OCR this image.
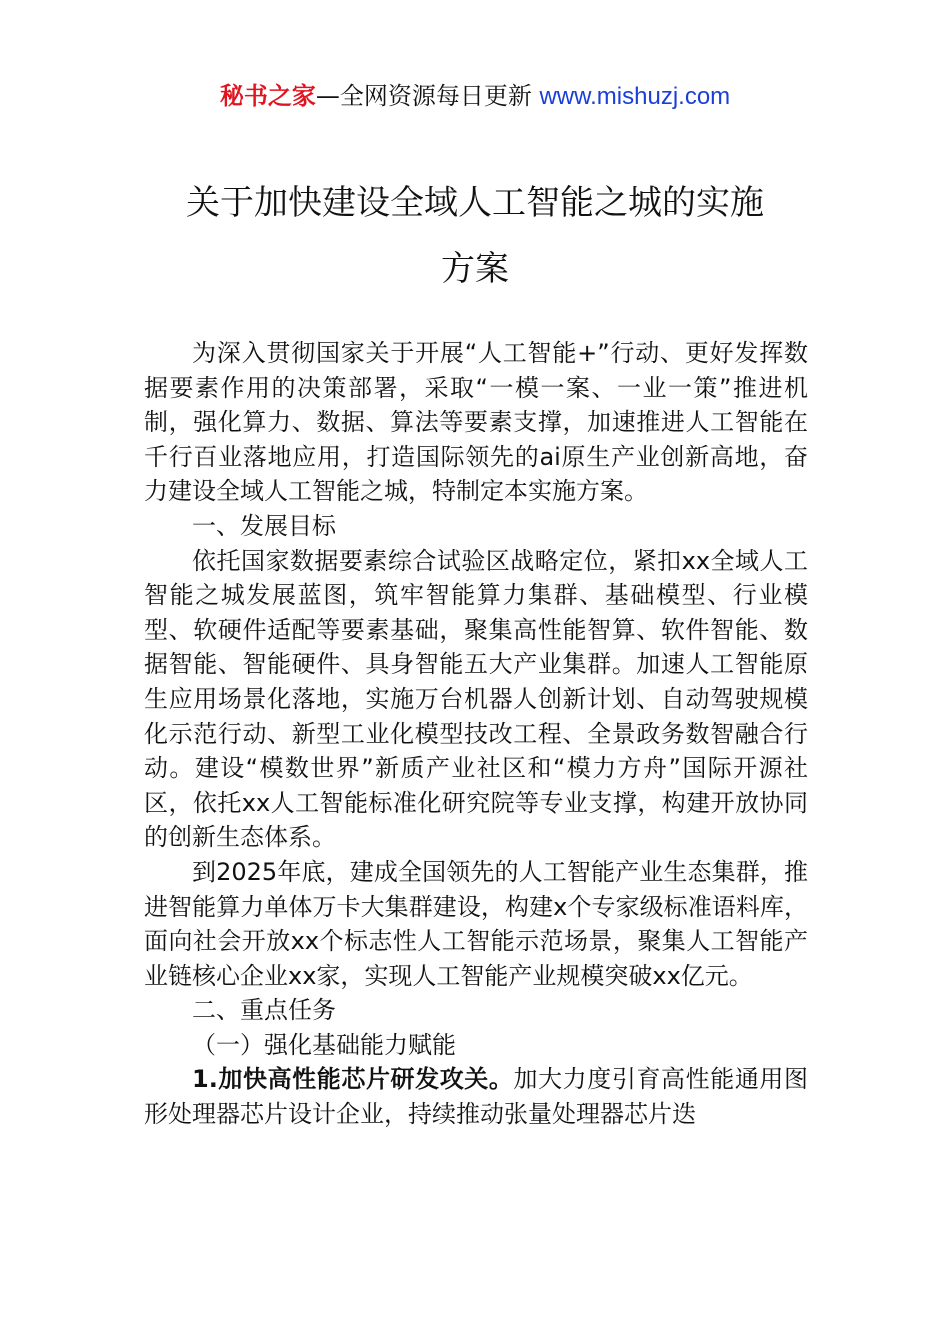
秘书之家—全网资源每日更新 www.mishuzj.com
关于加快建设全域人工智能之城的实施
方案

为深入贯彻国家关于开展“人工智能+”行动、更好发挥数据要素作用的决策部署，采取“一模一案、一业一策”推进机制，强化算力、数据、算法等要素支撑，加速推进人工智能在千行百业落地应用，打造国际领先的ai原生产业创新高地，奋力建设全域人工智能之城，特制定本实施方案。

一、发展目标

依托国家数据要素综合试验区战略定位，紧扣xx全域人工智能之城发展蓝图，筑牢智能算力集群、基础模型、行业模型、软硬件适配等要素基础，聚集高性能智算、软件智能、数据智能、智能硬件、具身智能五大产业集群。加速人工智能原生应用场景化落地，实施万台机器人创新计划、自动驾驶规模化示范行动、新型工业化模型技改工程、全景政务数智融合行动。建设“模数世界”新质产业社区和“模力方舟”国际开源社区，依托xx人工智能标准化研究院等专业支撑，构建开放协同的创新生态体系。

到2025年底，建成全国领先的人工智能产业生态集群，推进智能算力单体万卡大集群建设，构建x个专家级标准语料库，面向社会开放xx个标志性人工智能示范场景，聚集人工智能产业链核心企业xx家，实现人工智能产业规模突破xx亿元。

二、重点任务

（一）强化基础能力赋能

1.加快高性能芯片研发攻关。加大力度引育高性能通用图形处理器芯片设计企业，持续推动张量处理器芯片迭
